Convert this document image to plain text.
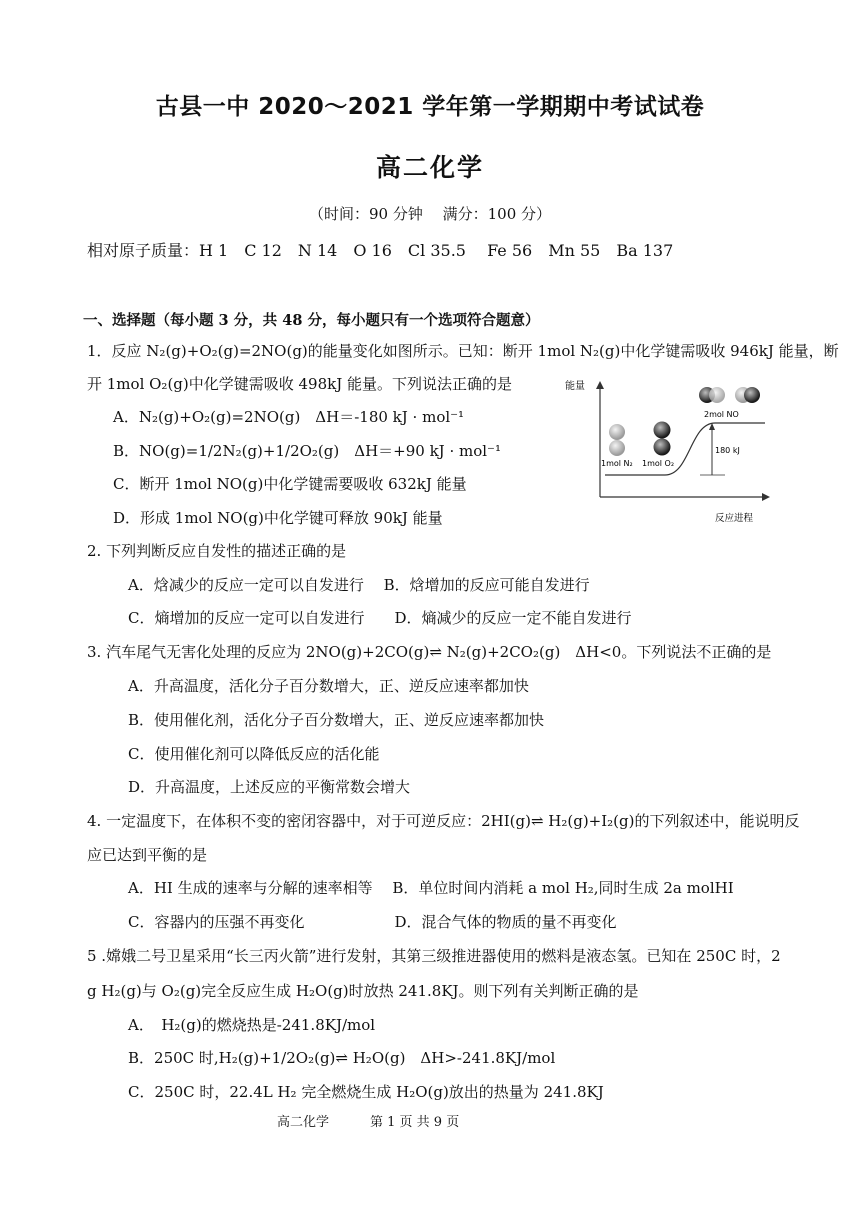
古县一中 2020～2021 学年第一学期期中考试试卷
高二化学
（时间：90 分钟　 满分：100 分）
相对原子质量：H 1　C 12　N 14　O 16　Cl 35.5　 Fe 56　Mn 55　Ba 137
一、选择题（每小题 3 分，共 48 分，每小题只有一个选项符合题意）
1．反应 N₂(g)+O₂(g)=2NO(g)的能量变化如图所示。已知：断开 1mol N₂(g)中化学键需吸收 946kJ 能量，断
开 1mol O₂(g)中化学键需吸收 498kJ 能量。下列说法正确的是
A．N₂(g)+O₂(g)=2NO(g)　ΔH＝-180 kJ · mol⁻¹
B．NO(g)=1/2N₂(g)+1/2O₂(g)　ΔH＝+90 kJ · mol⁻¹
C．断开 1mol NO(g)中化学键需要吸收 632kJ 能量
D．形成 1mol NO(g)中化学键可释放 90kJ 能量
能量
反应进程
1mol N₂ 1mol O₂
2mol NO
180 kJ
2. 下列判断反应自发性的描述正确的是
A．焓减少的反应一定可以自发进行　 B．焓增加的反应可能自发进行
C．熵增加的反应一定可以自发进行　　D．熵减少的反应一定不能自发进行
3. 汽车尾气无害化处理的反应为 2NO(g)+2CO(g)⇌ N₂(g)+2CO₂(g)　ΔH<0。下列说法不正确的是
A．升高温度，活化分子百分数增大，正、逆反应速率都加快
B．使用催化剂，活化分子百分数增大，正、逆反应速率都加快
C．使用催化剂可以降低反应的活化能
D．升高温度，上述反应的平衡常数会增大
4. 一定温度下，在体积不变的密闭容器中，对于可逆反应：2HI(g)⇌ H₂(g)+I₂(g)的下列叙述中，能说明反
应已达到平衡的是
A．HI 生成的速率与分解的速率相等　 B．单位时间内消耗 a mol H₂,同时生成 2a molHI
C．容器内的压强不再变化　　　　　　D．混合气体的物质的量不再变化
5 .嫦娥二号卫星采用“长三丙火箭”进行发射，其第三级推进器使用的燃料是液态氢。已知在 250C 时，2
g H₂(g)与 O₂(g)完全反应生成 H₂O(g)时放热 241.8KJ。则下列有关判断正确的是
A．　H₂(g)的燃烧热是-241.8KJ/mol
B．250C 时,H₂(g)+1/2O₂(g)⇌ H₂O(g)　ΔH>-241.8KJ/mol
C．250C 时，22.4L H₂ 完全燃烧生成 H₂O(g)放出的热量为 241.8KJ
高二化学	第 1 页 共 9 页
